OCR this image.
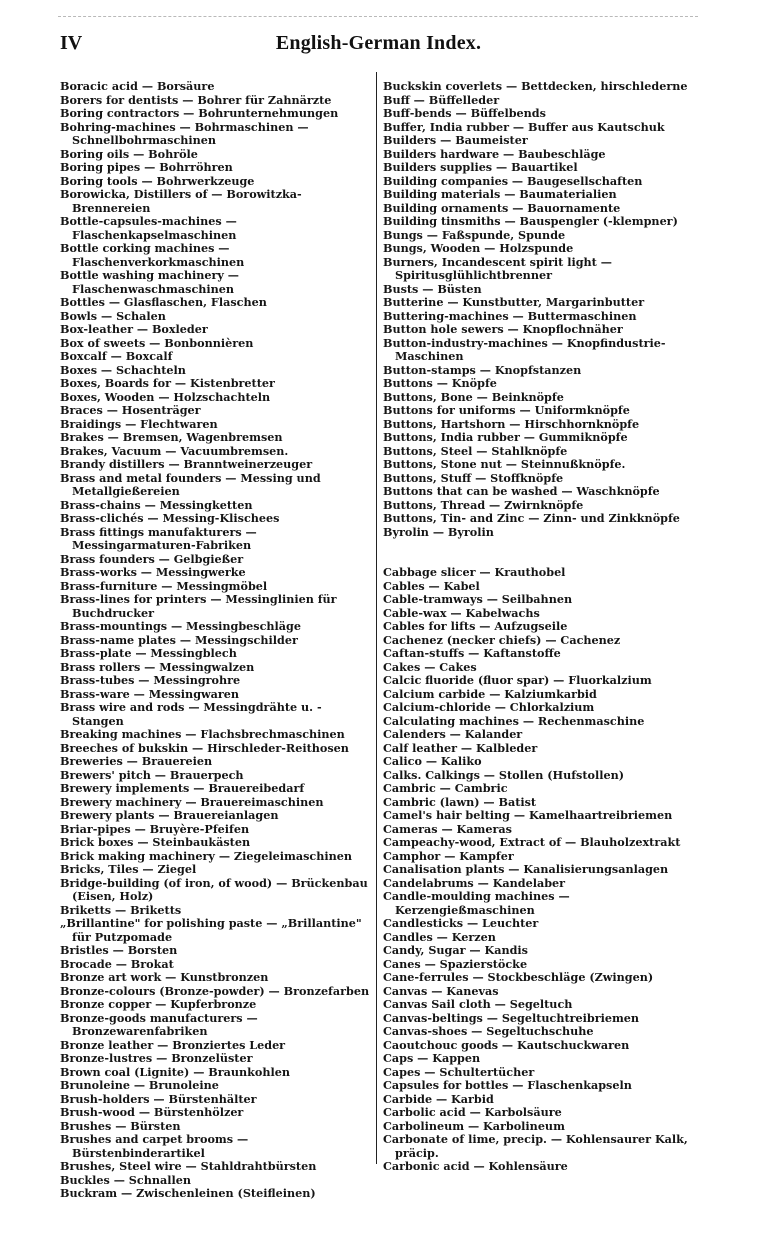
IV	English-German Index.
Boracic acid — Borsäure
Borers for dentists — Bohrer für Zahnärzte
Boring contractors — Bohrunternehmungen
Bohring-machines — Bohrmaschinen — Schnellbohrmaschinen
Boring oils — Bohröle
Boring pipes — Bohrröhren
Boring tools — Bohrwerkzeuge
Borowicka, Distillers of — Borowitzka-Brennereien
Bottle-capsules-machines — Flaschenkapselmaschinen
Bottle corking machines — Flaschenverkorkmaschinen
Bottle washing machinery — Flaschenwaschmaschinen
Bottles — Glasflaschen, Flaschen
Bowls — Schalen
Box-leather — Boxleder
Box of sweets — Bonbonnièren
Boxcalf — Boxcalf
Boxes — Schachteln
Boxes, Boards for — Kistenbretter
Boxes, Wooden — Holzschachteln
Braces — Hosenträger
Braidings — Flechtwaren
Brakes — Bremsen, Wagenbremsen
Brakes, Vacuum — Vacuumbremsen.
Brandy distillers — Branntweinerzeuger
Brass and metal founders — Messing und Metallgießereien
Brass-chains — Messingketten
Brass-clichés — Messing-Klischees
Brass fittings manufakturers — Messingarmaturen-Fabriken
Brass founders — Gelbgießer
Brass-works — Messingwerke
Brass-furniture — Messingmöbel
Brass-lines for printers — Messinglinien für Buchdrucker
Brass-mountings — Messingbeschläge
Brass-name plates — Messingschilder
Brass-plate — Messingblech
Brass rollers — Messingwalzen
Brass-tubes — Messingrohre
Brass-ware — Messingwaren
Brass wire and rods — Messingdrähte u. -Stangen
Breaking machines — Flachsbrechmaschinen
Breeches of bukskin — Hirschleder-Reithosen
Breweries — Brauereien
Brewers' pitch — Brauerpech
Brewery implements — Brauereibedarf
Brewery machinery — Brauereimaschinen
Brewery plants — Brauereianlagen
Briar-pipes — Bruyère-Pfeifen
Brick boxes — Steinbaukästen
Brick making machinery — Ziegeleimaschinen
Bricks, Tiles — Ziegel
Bridge-building (of iron, of wood) — Brückenbau (Eisen, Holz)
Briketts — Briketts
„Brillantine" for polishing paste — „Brillantine" für Putzpomade
Bristles — Borsten
Brocade — Brokat
Bronze art work — Kunstbronzen
Bronze-colours (Bronze-powder) — Bronzefarben
Bronze copper — Kupferbronze
Bronze-goods manufacturers — Bronzewarenfabriken
Bronze leather — Bronziertes Leder
Bronze-lustres — Bronzelüster
Brown coal (Lignite) — Braunkohlen
Brunoleine — Brunoleine
Brush-holders — Bürstenhälter
Brush-wood — Bürstenhölzer
Brushes — Bürsten
Brushes and carpet brooms — Bürstenbinderartikel
Brushes, Steel wire — Stahldrahtbürsten
Buckles — Schnallen
Buckram — Zwischenleinen (Steifleinen)
Buckskin coverlets — Bettdecken, hirschlederne
Buff — Büffelleder
Buff-bends — Büffelbends
Buffer, India rubber — Buffer aus Kautschuk
Builders — Baumeister
Builders hardware — Baubeschläge
Builders supplies — Bauartikel
Building companies — Baugesellschaften
Building materials — Baumaterialien
Building ornaments — Bauornamente
Building tinsmiths — Bauspengler (-klempner)
Bungs — Faßspunde, Spunde
Bungs, Wooden — Holzspunde
Burners, Incandescent spirit light — Spiritusglühlichtbrenner
Busts — Büsten
Butterine — Kunstbutter, Margarinbutter
Buttering-machines — Buttermaschinen
Button hole sewers — Knopflochnäher
Button-industry-machines — Knopfindustrie-Maschinen
Button-stamps — Knopfstanzen
Buttons — Knöpfe
Buttons, Bone — Beinknöpfe
Buttons for uniforms — Uniformknöpfe
Buttons, Hartshorn — Hirschhornknöpfe
Buttons, India rubber — Gummiknöpfe
Buttons, Steel — Stahlknöpfe
Buttons, Stone nut — Steinnußknöpfe.
Buttons, Stuff — Stoffknöpfe
Buttons that can be washed — Waschknöpfe
Buttons, Thread — Zwirnknöpfe
Buttons, Tin- and Zinc — Zinn- und Zinkknöpfe
Byrolin — Byrolin
Cabbage slicer — Krauthobel
Cables — Kabel
Cable-tramways — Seilbahnen
Cable-wax — Kabelwachs
Cables for lifts — Aufzugseile
Cachenez (necker chiefs) — Cachenez
Caftan-stuffs — Kaftanstoffe
Cakes — Cakes
Calcic fluoride (fluor spar) — Fluorkalzium
Calcium carbide — Kalziumkarbid
Calcium-chloride — Chlorkalzium
Calculating machines — Rechenmaschine
Calenders — Kalander
Calf leather — Kalbleder
Calico — Kaliko
Calks. Calkings — Stollen (Hufstollen)
Cambric — Cambric
Cambric (lawn) — Batist
Camel's hair belting — Kamelhaartreibriemen
Cameras — Kameras
Campeachy-wood, Extract of — Blauholzextrakt
Camphor — Kampfer
Canalisation plants — Kanalisierungsanlagen
Candelabrums — Kandelaber
Candle-moulding machines — Kerzengießmaschinen
Candlesticks — Leuchter
Candles — Kerzen
Candy, Sugar — Kandis
Canes — Spazierstöcke
Cane-ferrules — Stockbeschläge (Zwingen)
Canvas — Kanevas
Canvas Sail cloth — Segeltuch
Canvas-beltings — Segeltuchtreibriemen
Canvas-shoes — Segeltuchschuhe
Caoutchouc goods — Kautschuckwaren
Caps — Kappen
Capes — Schultertücher
Capsules for bottles — Flaschenkapseln
Carbide — Karbid
Carbolic acid — Karbolsäure
Carbolineum — Karbolineum
Carbonate of lime, precip. — Kohlensaurer Kalk, präcip.
Carbonic acid — Kohlensäure
